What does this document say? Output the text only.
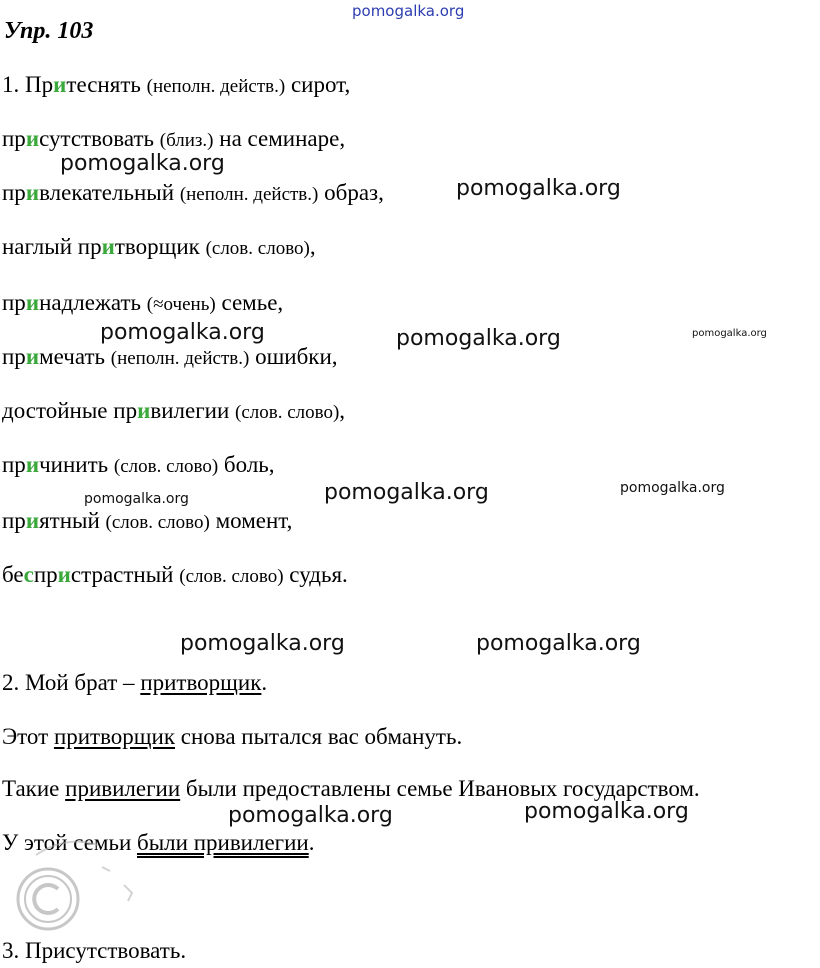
pomogalka.org
Упр. 103
1. Притеснять (неполн. действ.) сирот,
присутствовать (близ.) на семинаре,
привлекательный (неполн. действ.) образ,
наглый притворщик (слов. слово),
принадлежать (≈очень) семье,
примечать (неполн. действ.) ошибки,
достойные привилегии (слов. слово),
причинить (слов. слово) боль,
приятный (слов. слово) момент,
беспристрастный (слов. слово) судья.
2. Мой брат – притворщик.
Этот притворщик снова пытался вас обмануть.
Такие привилегии были предоставлены семье Ивановых государством.
У этой семьи были привилегии.
3. Присутствовать.
pomogalka.org
pomogalka.org
pomogalka.org	pomogalka.org	pomogalka.org
pomogalka.org	pomogalka.org	pomogalka.org
pomogalka.org	pomogalka.org
pomogalka.org	pomogalka.org
